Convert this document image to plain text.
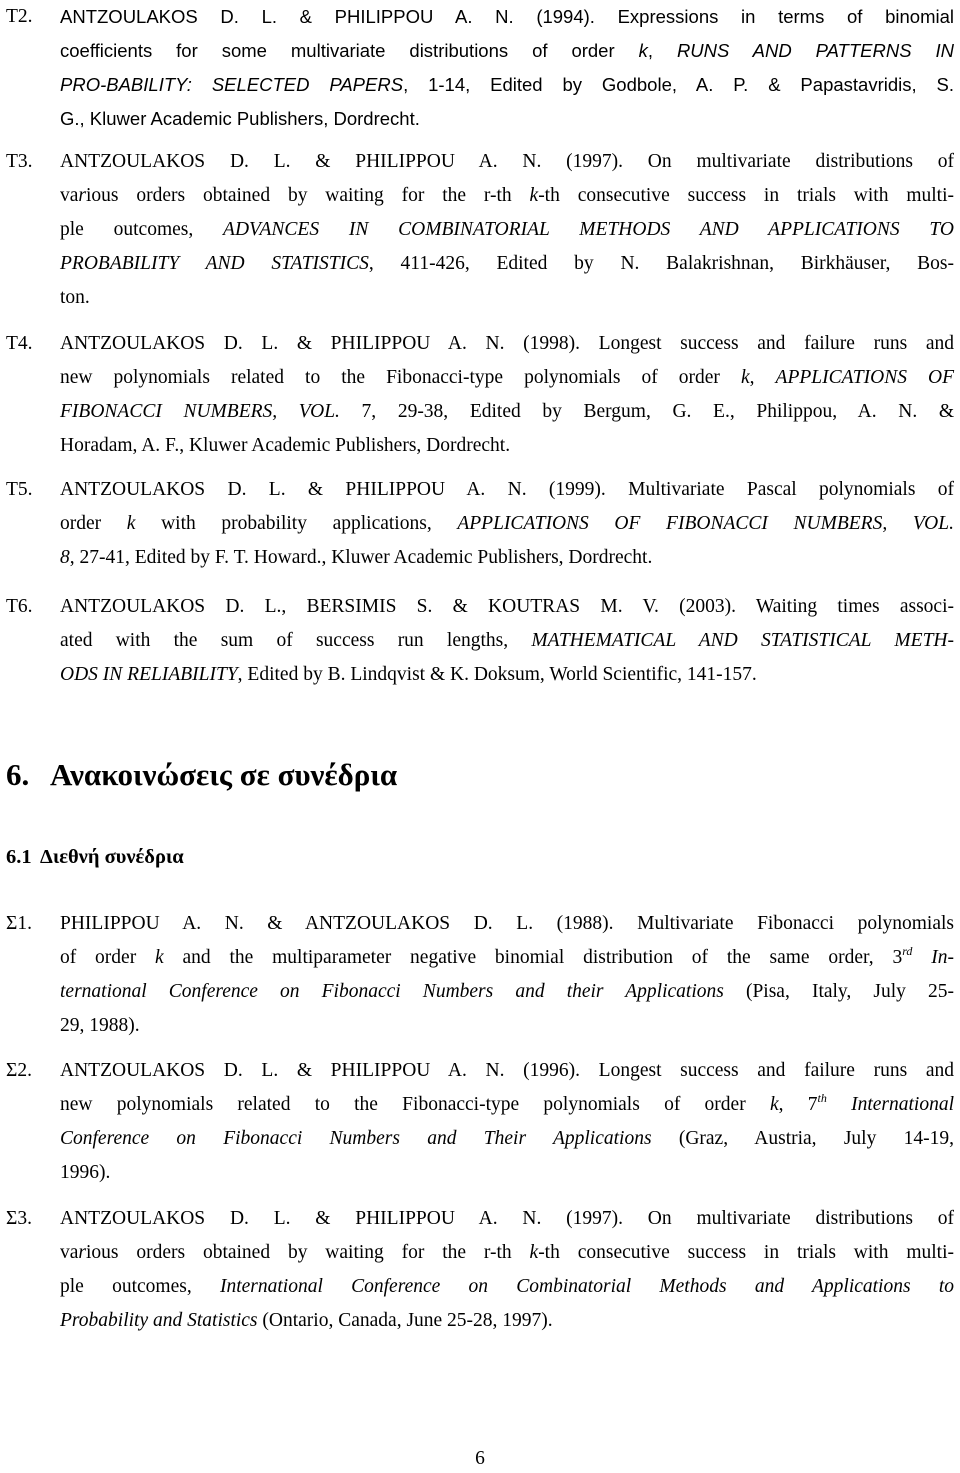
T2.	ANTZOULAKOS D. L. & PHILIPPOU A. N. (1994). Expressions in terms of binomial
coefficients for some multivariate distributions of order k, RUNS AND PATTERNS IN
PRO-BABILITY: SELECTED PAPERS, 1-14, Edited by Godbole, A. P. & Papastavridis, S.
G., Kluwer Academic Publishers, Dordrecht.
T3.	ANTZOULAKOS D. L. & PHILIPPOU A. N. (1997). On multivariate distributions of
various orders obtained by waiting for the r-th k-th consecutive success in trials with multi-
ple outcomes, ADVANCES IN COMBINATORIAL METHODS AND APPLICATIONS TO
PROBABILITY AND STATISTICS, 411-426, Edited by N. Balakrishnan, Birkhäuser, Bos-
ton.
T4.	ANTZOULAKOS D. L. & PHILIPPOU A. N. (1998). Longest success and failure runs and
new polynomials related to the Fibonacci-type polynomials of order k, APPLICATIONS OF
FIBONACCI NUMBERS, VOL. 7, 29-38, Edited by Bergum, G. E., Philippou, A. N. &
Horadam, A. F., Kluwer Academic Publishers, Dordrecht.
T5.	ANTZOULAKOS D. L. & PHILIPPOU A. N. (1999). Multivariate Pascal polynomials of
order k with probability applications, APPLICATIONS OF FIBONACCI NUMBERS, VOL.
8, 27-41, Edited by F. T. Howard., Kluwer Academic Publishers, Dordrecht.
T6.	ANTZOULAKOS D. L., BERSIMIS S. & KOUTRAS M. V. (2003). Waiting times associ-
ated with the sum of success run lengths, MATHEMATICAL AND STATISTICAL METH-
ODS IN RELIABILITY, Edited by B. Lindqvist & K. Doksum, World Scientific, 141-157.
6. Ανακοινώσεις σε συνέδρια
6.1 Διεθνή συνέδρια
Σ1.	PHILIPPOU A. N. & ANTZOULAKOS D. L. (1988). Multivariate Fibonacci polynomials
of order k and the multiparameter negative binomial distribution of the same order, 3rd In-
ternational Conference on Fibonacci Numbers and their Applications (Pisa, Italy, July 25-
29, 1988).
Σ2.	ANTZOULAKOS D. L. & PHILIPPOU A. N. (1996). Longest success and failure runs and
new polynomials related to the Fibonacci-type polynomials of order k, 7th International
Conference on Fibonacci Numbers and Their Applications (Graz, Austria, July 14-19,
1996).
Σ3.	ANTZOULAKOS D. L. & PHILIPPOU A. N. (1997). On multivariate distributions of
various orders obtained by waiting for the r-th k-th consecutive success in trials with multi-
ple outcomes, International Conference on Combinatorial Methods and Applications to
Probability and Statistics (Ontario, Canada, June 25-28, 1997).
6
